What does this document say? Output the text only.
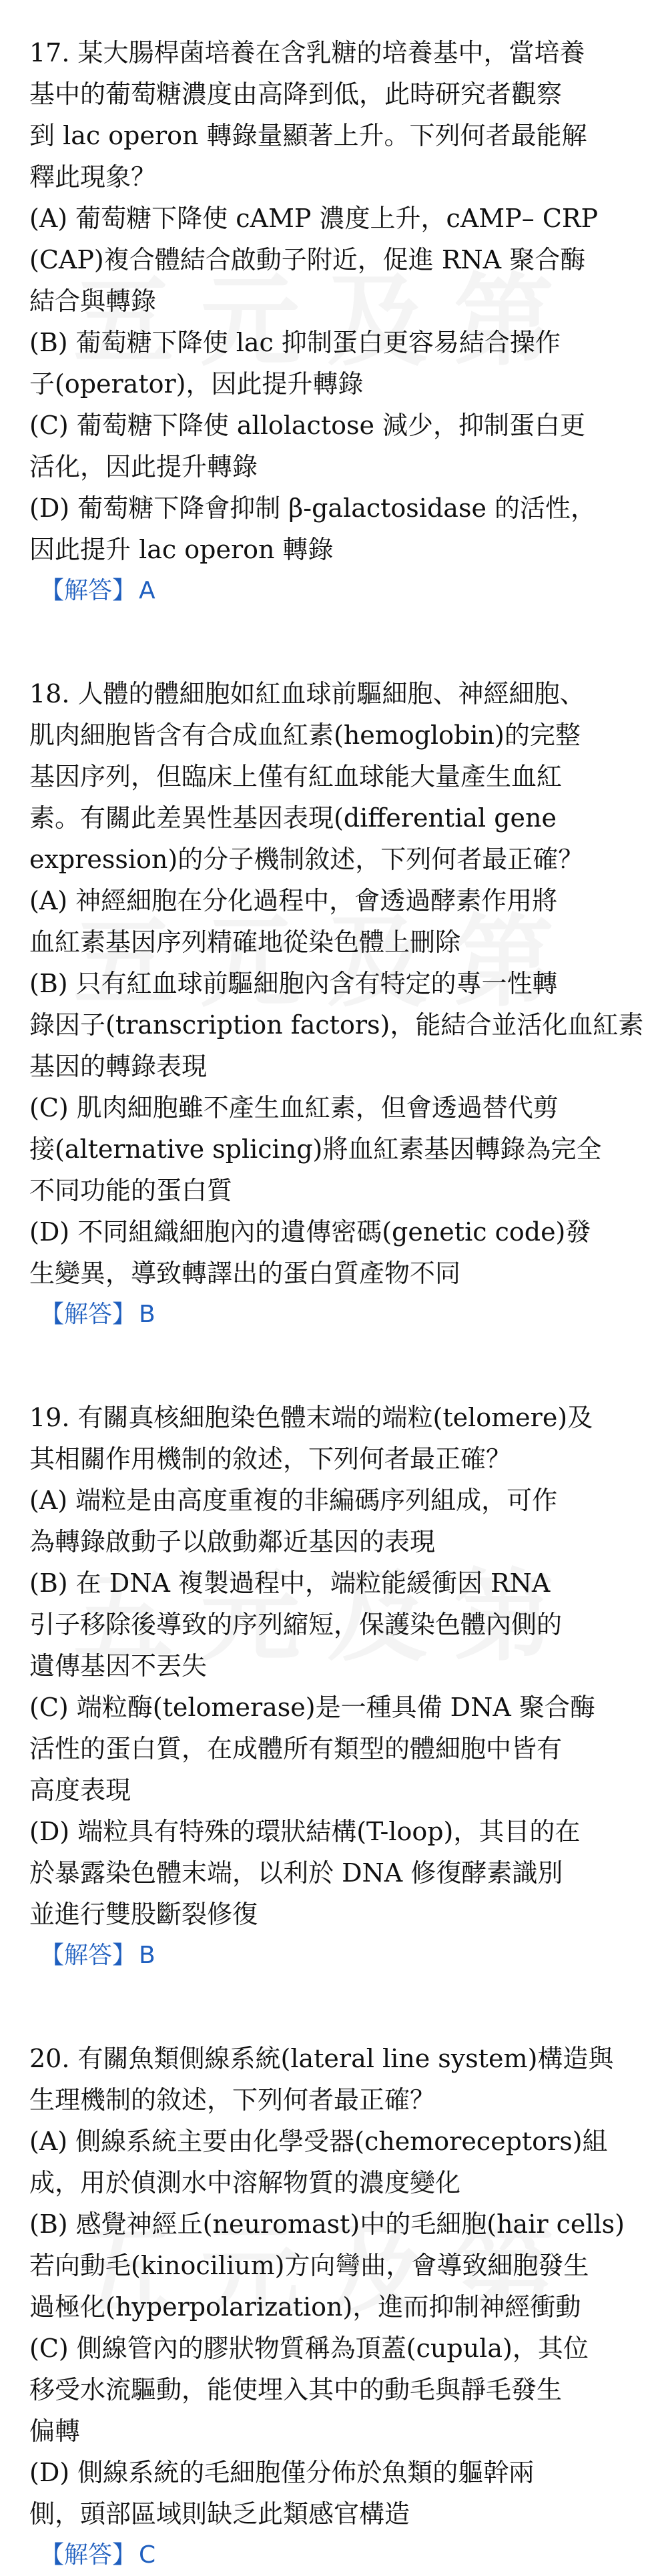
17. 某大腸桿菌培養在含乳糖的培養基中，當培養
基中的葡萄糖濃度由高降到低，此時研究者觀察
到 lac operon 轉錄量顯著上升。下列何者最能解
釋此現象？
(A) 葡萄糖下降使 cAMP 濃度上升，cAMP– CRP
(CAP)複合體結合啟動子附近，促進 RNA 聚合酶
結合與轉錄
(B) 葡萄糖下降使 lac 抑制蛋白更容易結合操作
子(operator)，因此提升轉錄
(C) 葡萄糖下降使 allolactose 減少，抑制蛋白更
活化，因此提升轉錄
(D) 葡萄糖下降會抑制 β-galactosidase 的活性，
因此提升 lac operon 轉錄
【解答】 A
18. 人體的體細胞如紅血球前驅細胞、神經細胞、
肌肉細胞皆含有合成血紅素(hemoglobin)的完整
基因序列，但臨床上僅有紅血球能大量產生血紅
素。有關此差異性基因表現(differential gene
expression)的分子機制敘述，下列何者最正確？
(A) 神經細胞在分化過程中，會透過酵素作用將
血紅素基因序列精確地從染色體上刪除
(B) 只有紅血球前驅細胞內含有特定的專一性轉
錄因子(transcription factors)，能結合並活化血紅素
基因的轉錄表現
(C) 肌肉細胞雖不產生血紅素，但會透過替代剪
接(alternative splicing)將血紅素基因轉錄為完全
不同功能的蛋白質
(D) 不同組織細胞內的遺傳密碼(genetic code)發
生變異，導致轉譯出的蛋白質產物不同
【解答】 B
19. 有關真核細胞染色體末端的端粒(telomere)及
其相關作用機制的敘述，下列何者最正確？
(A) 端粒是由高度重複的非編碼序列組成，可作
為轉錄啟動子以啟動鄰近基因的表現
(B) 在 DNA 複製過程中，端粒能緩衝因 RNA
引子移除後導致的序列縮短，保護染色體內側的
遺傳基因不丟失
(C) 端粒酶(telomerase)是一種具備 DNA 聚合酶
活性的蛋白質，在成體所有類型的體細胞中皆有
高度表現
(D) 端粒具有特殊的環狀結構(T-loop)，其目的在
於暴露染色體末端，以利於 DNA 修復酵素識別
並進行雙股斷裂修復
【解答】 B
20. 有關魚類側線系統(lateral line system)構造與
生理機制的敘述，下列何者最正確？
(A) 側線系統主要由化學受器(chemoreceptors)組
成，用於偵測水中溶解物質的濃度變化
(B) 感覺神經丘(neuromast)中的毛細胞(hair cells)
若向動毛(kinocilium)方向彎曲，會導致細胞發生
過極化(hyperpolarization)，進而抑制神經衝動
(C) 側線管內的膠狀物質稱為頂蓋(cupula)，其位
移受水流驅動，能使埋入其中的動毛與靜毛發生
偏轉
(D) 側線系統的毛細胞僅分佈於魚類的軀幹兩
側，頭部區域則缺乏此類感官構造
【解答】 C
